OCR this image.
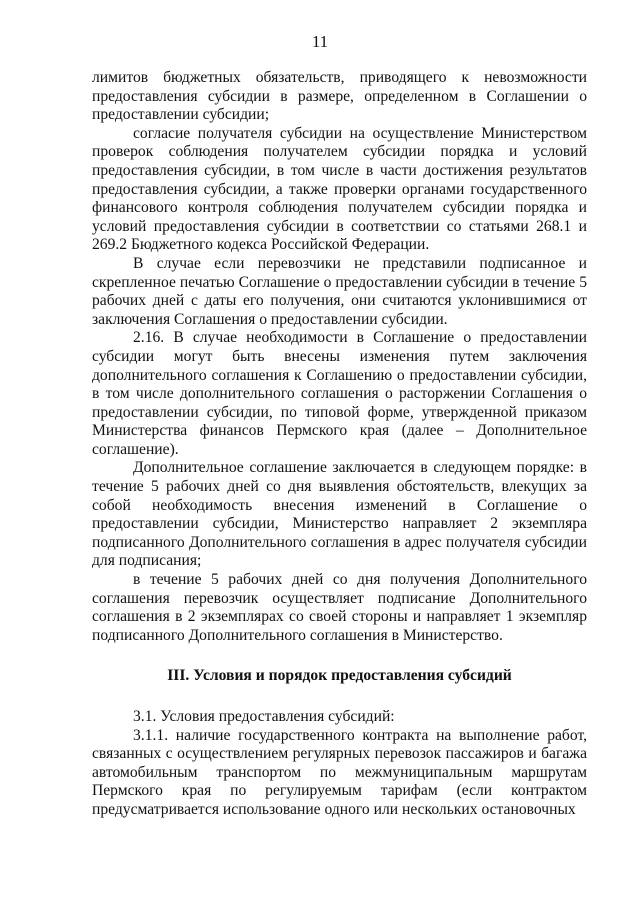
11

лимитов бюджетных обязательств, приводящего к невозможности предоставления субсидии в размере, определенном в Соглашении о предоставлении субсидии;

согласие получателя субсидии на осуществление Министерством проверок соблюдения получателем субсидии порядка и условий предоставления субсидии, в том числе в части достижения результатов предоставления субсидии, а также проверки органами государственного финансового контроля соблюдения получателем субсидии порядка и условий предоставления субсидии в соответствии со статьями 268.1 и 269.2 Бюджетного кодекса Российской Федерации.

В случае если перевозчики не представили подписанное и скрепленное печатью Соглашение о предоставлении субсидии в течение 5 рабочих дней с даты его получения, они считаются уклонившимися от заключения Соглашения о предоставлении субсидии.

2.16. В случае необходимости в Соглашение о предоставлении субсидии могут быть внесены изменения путем заключения дополнительного соглашения к Соглашению о предоставлении субсидии, в том числе дополнительного соглашения о расторжении Соглашения о предоставлении субсидии, по типовой форме, утвержденной приказом Министерства финансов Пермского края (далее – Дополнительное соглашение).

Дополнительное соглашение заключается в следующем порядке: в течение 5 рабочих дней со дня выявления обстоятельств, влекущих за собой необходимость внесения изменений в Соглашение о предоставлении субсидии, Министерство направляет 2 экземпляра подписанного Дополнительного соглашения в адрес получателя субсидии для подписания;

в течение 5 рабочих дней со дня получения Дополнительного соглашения перевозчик осуществляет подписание Дополнительного соглашения в 2 экземплярах со своей стороны и направляет 1 экземпляр подписанного Дополнительного соглашения в Министерство.

III. Условия и порядок предоставления субсидий

3.1. Условия предоставления субсидий:

3.1.1. наличие государственного контракта на выполнение работ, связанных с осуществлением регулярных перевозок пассажиров и багажа автомобильным транспортом по межмуниципальным маршрутам Пермского края по регулируемым тарифам (если контрактом предусматривается использование одного или нескольких остановочных
